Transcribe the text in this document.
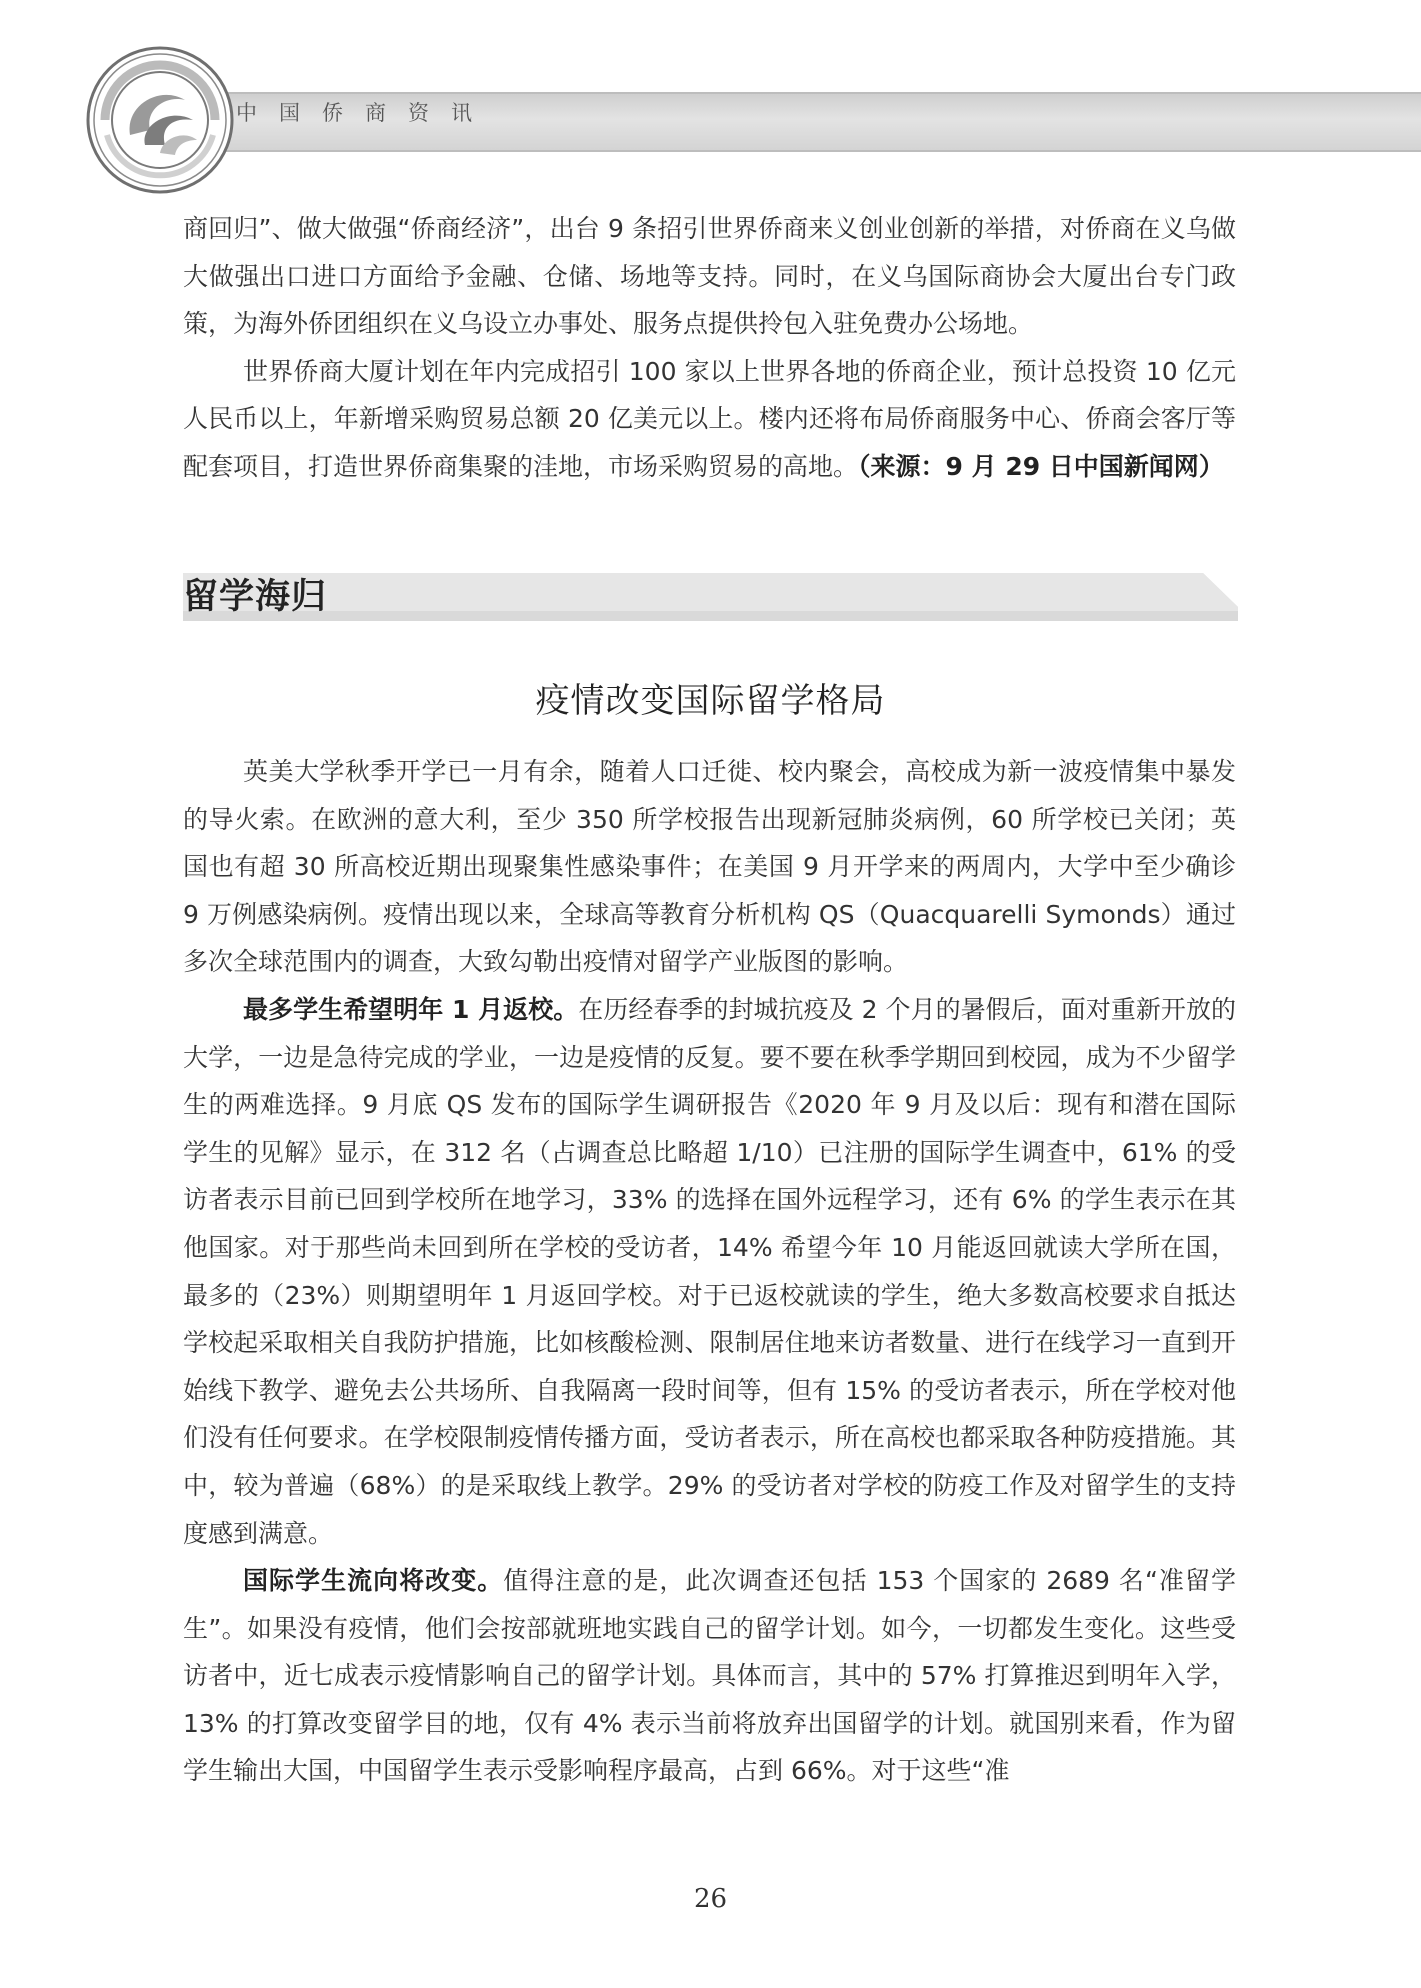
中国侨商资讯

商回归”、做大做强“侨商经济”，出台 9 条招引世界侨商来义创业创新的举措，对侨商在义乌做大做强出口进口方面给予金融、仓储、场地等支持。同时，在义乌国际商协会大厦出台专门政策，为海外侨团组织在义乌设立办事处、服务点提供拎包入驻免费办公场地。

世界侨商大厦计划在年内完成招引 100 家以上世界各地的侨商企业，预计总投资 10 亿元人民币以上，年新增采购贸易总额 20 亿美元以上。楼内还将布局侨商服务中心、侨商会客厅等配套项目，打造世界侨商集聚的洼地，市场采购贸易的高地。（来源：9 月 29 日中国新闻网）

留学海归
疫情改变国际留学格局

英美大学秋季开学已一月有余，随着人口迁徙、校内聚会，高校成为新一波疫情集中暴发的导火索。在欧洲的意大利，至少 350 所学校报告出现新冠肺炎病例，60 所学校已关闭；英国也有超 30 所高校近期出现聚集性感染事件；在美国 9 月开学来的两周内，大学中至少确诊 9 万例感染病例。疫情出现以来，全球高等教育分析机构 QS（Quacquarelli Symonds）通过多次全球范围内的调查，大致勾勒出疫情对留学产业版图的影响。

最多学生希望明年 1 月返校。在历经春季的封城抗疫及 2 个月的暑假后，面对重新开放的大学，一边是急待完成的学业，一边是疫情的反复。要不要在秋季学期回到校园，成为不少留学生的两难选择。9 月底 QS 发布的国际学生调研报告《2020 年 9 月及以后：现有和潜在国际学生的见解》显示，在 312 名（占调查总比略超 1/10）已注册的国际学生调查中，61% 的受访者表示目前已回到学校所在地学习，33% 的选择在国外远程学习，还有 6% 的学生表示在其他国家。对于那些尚未回到所在学校的受访者，14% 希望今年 10 月能返回就读大学所在国，最多的（23%）则期望明年 1 月返回学校。对于已返校就读的学生，绝大多数高校要求自抵达学校起采取相关自我防护措施，比如核酸检测、限制居住地来访者数量、进行在线学习一直到开始线下教学、避免去公共场所、自我隔离一段时间等，但有 15% 的受访者表示，所在学校对他们没有任何要求。在学校限制疫情传播方面，受访者表示，所在高校也都采取各种防疫措施。其中，较为普遍（68%）的是采取线上教学。29% 的受访者对学校的防疫工作及对留学生的支持度感到满意。

国际学生流向将改变。值得注意的是，此次调查还包括 153 个国家的 2689 名“准留学生”。如果没有疫情，他们会按部就班地实践自己的留学计划。如今，一切都发生变化。这些受访者中，近七成表示疫情影响自己的留学计划。具体而言，其中的 57% 打算推迟到明年入学，13% 的打算改变留学目的地，仅有 4% 表示当前将放弃出国留学的计划。就国别来看，作为留学生输出大国，中国留学生表示受影响程序最高，占到 66%。对于这些“准

26
